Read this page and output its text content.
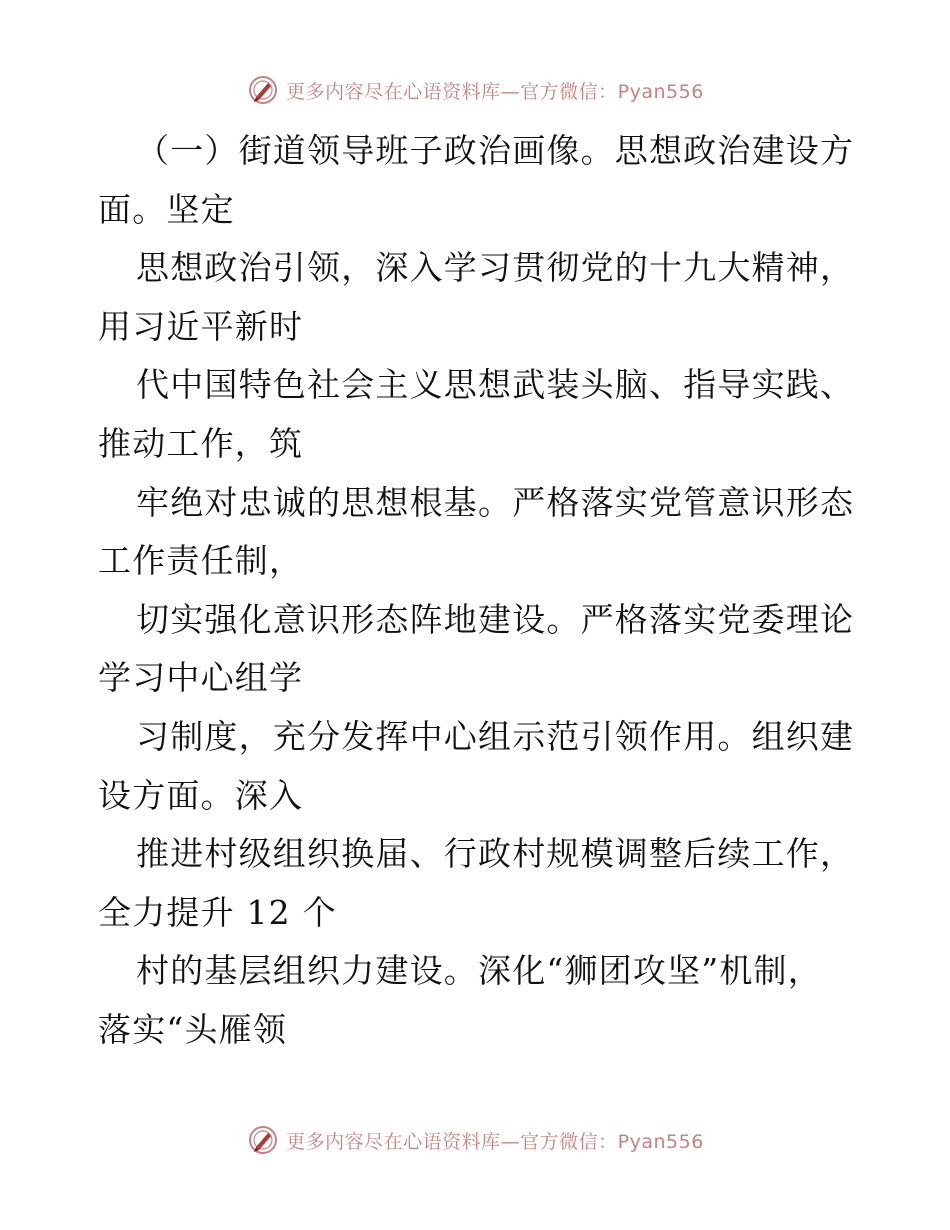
更多内容尽在心语资料库—官方微信：Pyan556
（一）街道领导班子政治画像。思想政治建设方
面。坚定
思想政治引领，深入学习贯彻党的十九大精神，
用习近平新时
代中国特色社会主义思想武装头脑、指导实践、
推动工作，筑
牢绝对忠诚的思想根基。严格落实党管意识形态
工作责任制，
切实强化意识形态阵地建设。严格落实党委理论
学习中心组学
习制度，充分发挥中心组示范引领作用。组织建
设方面。深入
推进村级组织换届、行政村规模调整后续工作，
全力提升 12 个
村的基层组织力建设。深化“狮团攻坚”机制，
落实“头雁领
更多内容尽在心语资料库—官方微信：Pyan556
